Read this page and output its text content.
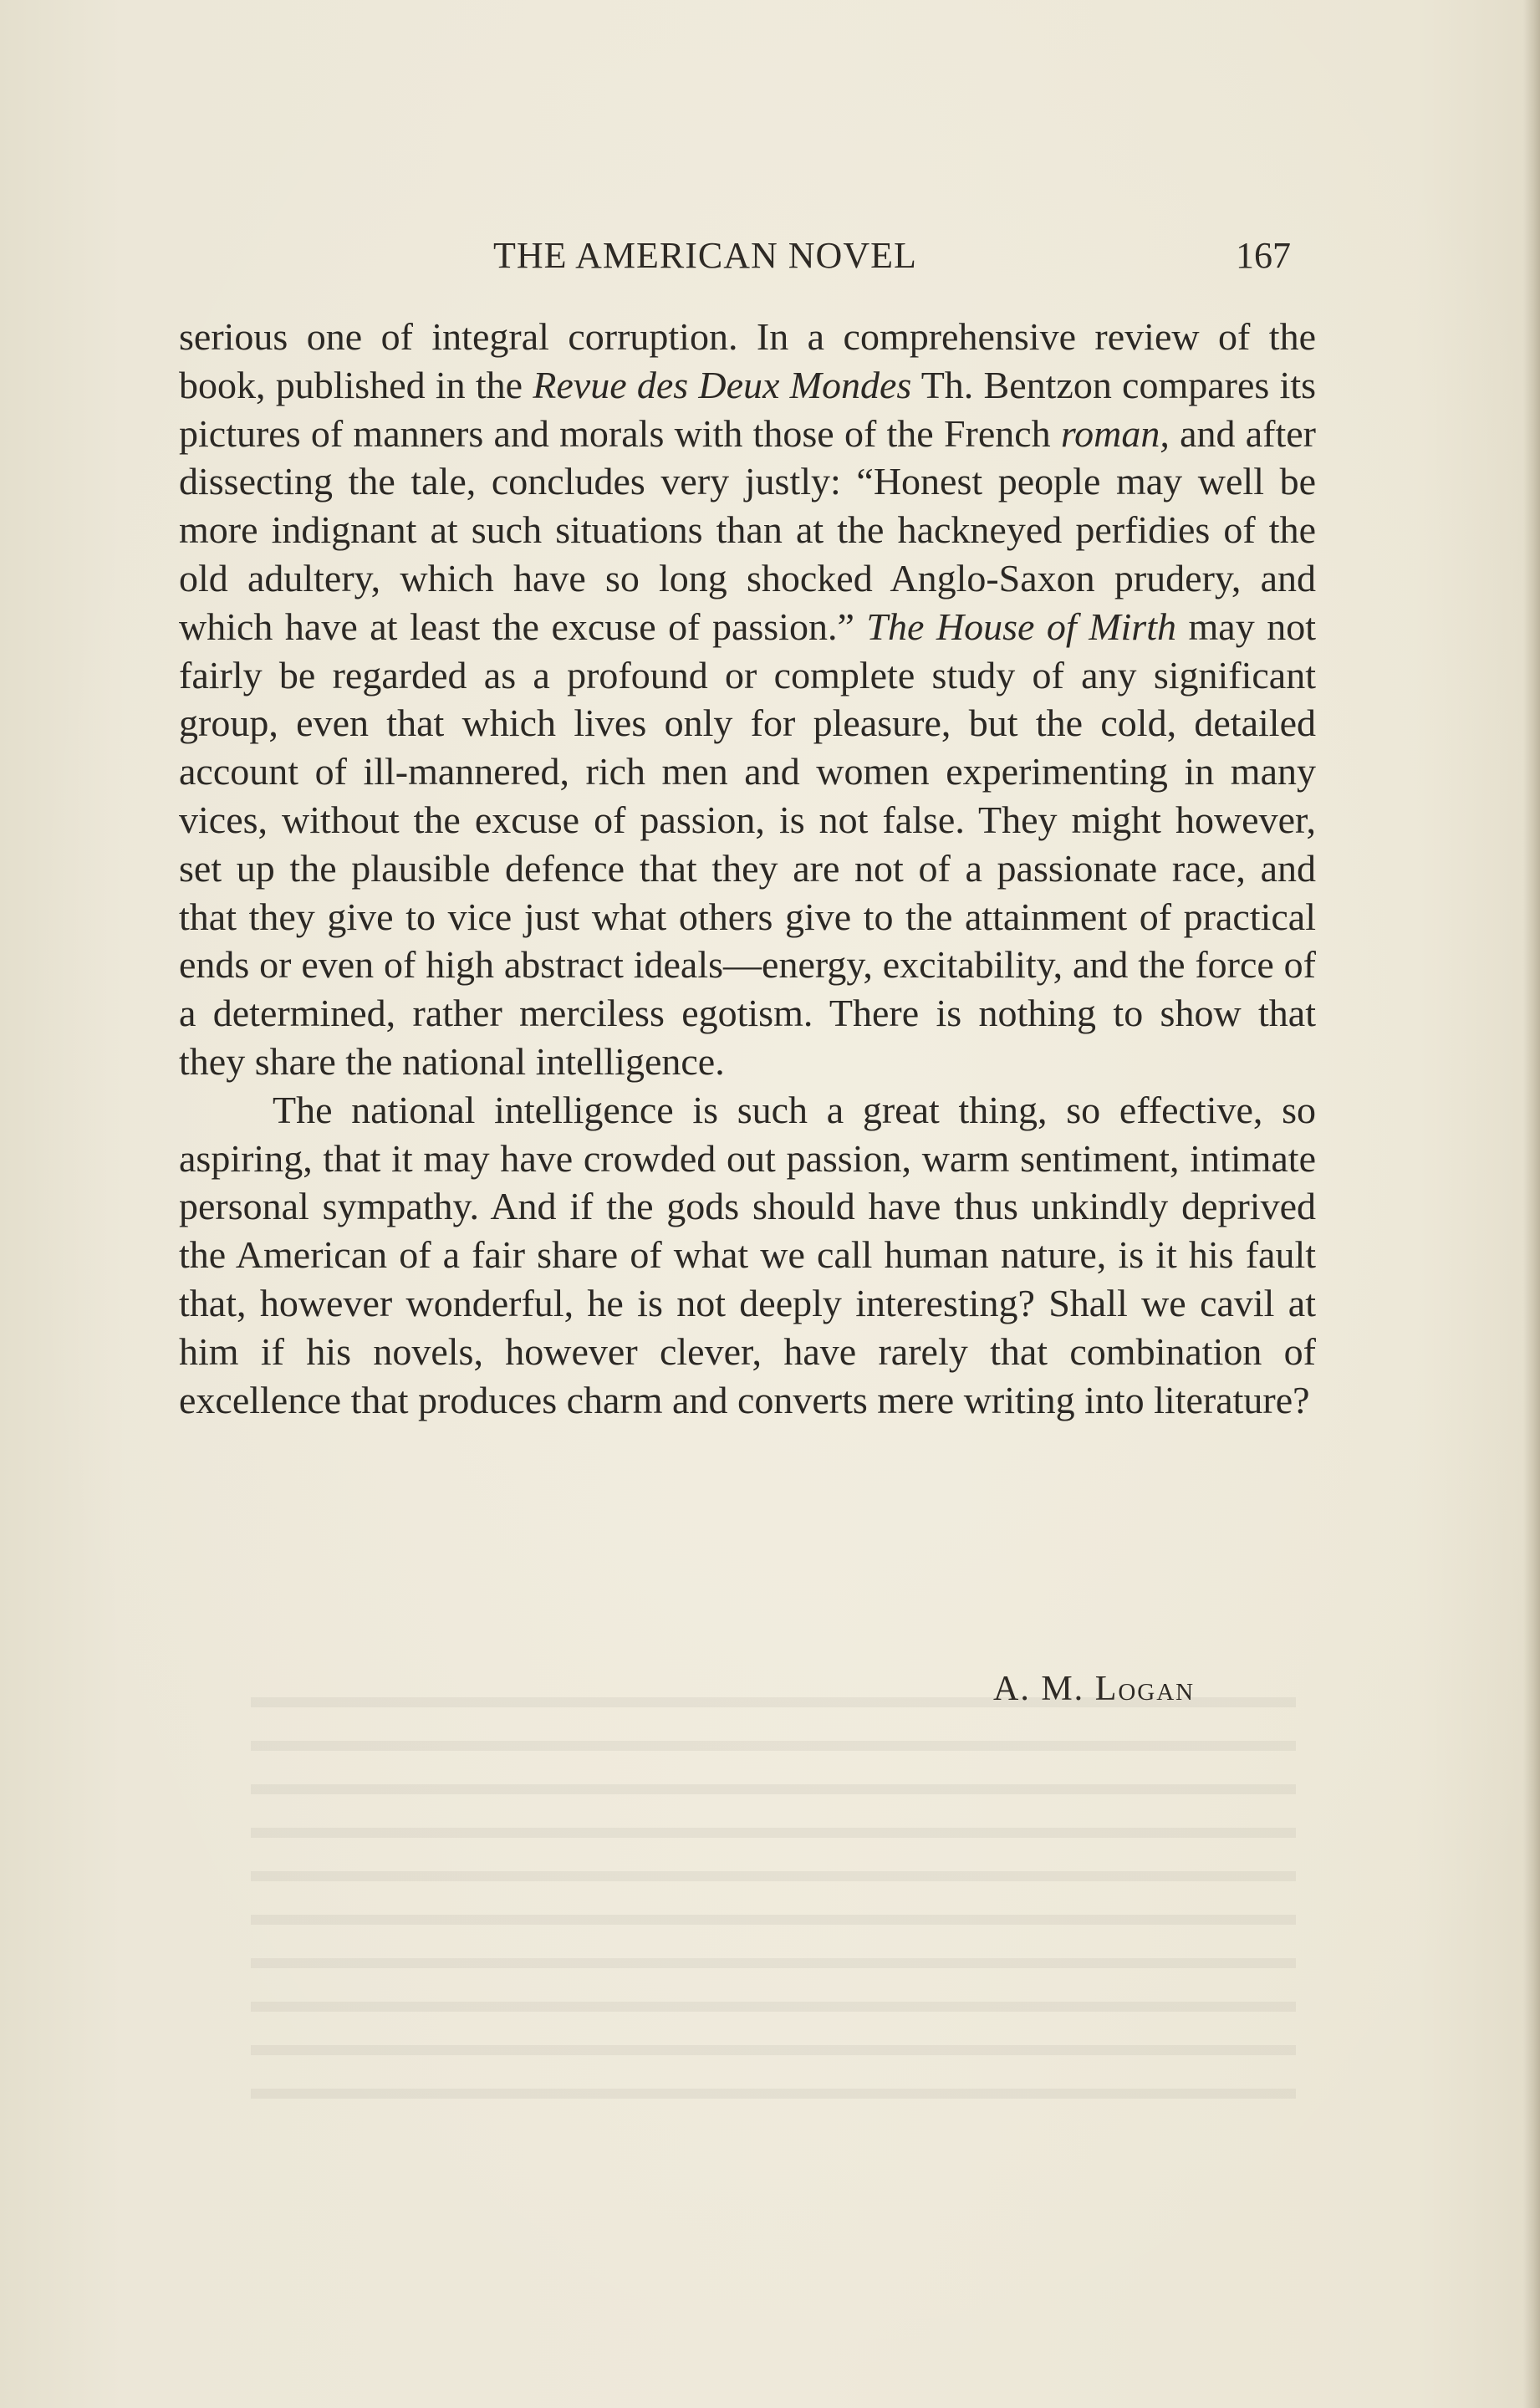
THE AMERICAN NOVEL	167

serious one of integral corruption. In a comprehensive review of the book, published in the Revue des Deux Mondes Th. Bentzon compares its pictures of manners and morals with those of the French roman, and after dissecting the tale, concludes very justly: “Honest people may well be more indignant at such situations than at the hackneyed perfidies of the old adultery, which have so long shocked Anglo-Saxon prudery, and which have at least the excuse of passion.” The House of Mirth may not fairly be regarded as a profound or complete study of any significant group, even that which lives only for pleasure, but the cold, detailed account of ill-mannered, rich men and women experimenting in many vices, without the excuse of passion, is not false. They might however, set up the plausible defence that they are not of a passionate race, and that they give to vice just what others give to the attainment of practical ends or even of high abstract ideals—energy, excitability, and the force of a determined, rather merciless egotism. There is nothing to show that they share the national intelligence.

The national intelligence is such a great thing, so effective, so aspiring, that it may have crowded out passion, warm sentiment, intimate personal sympathy. And if the gods should have thus unkindly deprived the American of a fair share of what we call human nature, is it his fault that, however wonderful, he is not deeply interesting? Shall we cavil at him if his novels, however clever, have rarely that combination of excellence that produces charm and converts mere writing into literature?

A. M. Logan
